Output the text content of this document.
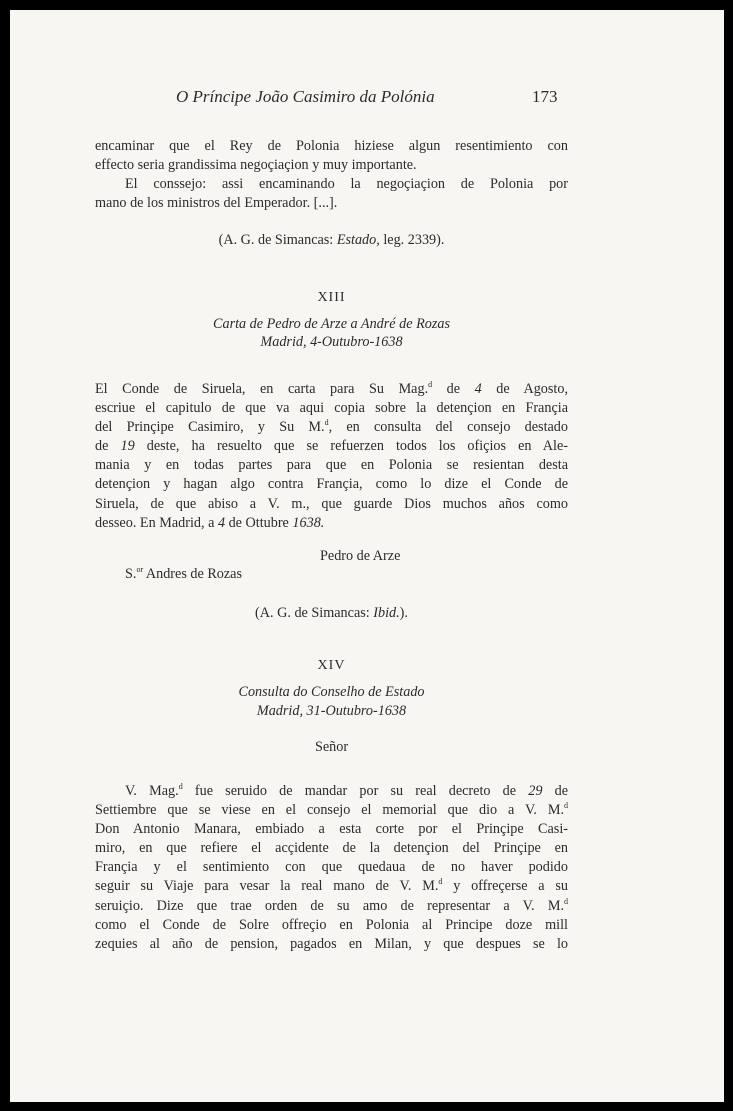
O Príncipe João Casimiro da Polónia	173
encaminar que el Rey de Polonia hiziese algun resentimiento con
effecto seria grandissima negoçiaçion y muy importante.
El conssejo: assi encaminando la negoçiaçion de Polonia por
mano de los ministros del Emperador. [...].
(A. G. de Simancas: Estado, leg. 2339).
XIII
Carta de Pedro de Arze a André de Rozas
Madrid, 4-Outubro-1638
El Conde de Siruela, en carta para Su Mag.$^d$ de 4 de Agosto,
escriue el capitulo de que va aqui copia sobre la detençion en Françia
del Prinçipe Casimiro, y Su M.$^d$, en consulta del consejo destado
de 19 deste, ha resuelto que se refuerzen todos los ofiçios en Ale-
mania y en todas partes para que en Polonia se resientan desta
detençion y hagan algo contra Françia, como lo dize el Conde de
Siruela, de que abiso a V. m., que guarde Dios muchos años como
desseo. En Madrid, a 4 de Ottubre 1638.
Pedro de Arze
S.$^{or}$ Andres de Rozas
(A. G. de Simancas: Ibid.).
XIV
Consulta do Conselho de Estado
Madrid, 31-Outubro-1638
Señor
V. Mag.$^d$ fue seruido de mandar por su real decreto de 29 de
Settiembre que se viese en el consejo el memorial que dio a V. M.$^d$
Don Antonio Manara, embiado a esta corte por el Prinçipe Casi-
miro, en que refiere el acçidente de la detençion del Prinçipe en
Françia y el sentimiento con que quedaua de no haver podido
seguir su Viaje para vesar la real mano de V. M.$^d$ y offreçerse a su
seruiçio. Dize que trae orden de su amo de representar a V. M.$^d$
como el Conde de Solre offreçio en Polonia al Principe doze mill
zequies al año de pension, pagados en Milan, y que despues se lo
